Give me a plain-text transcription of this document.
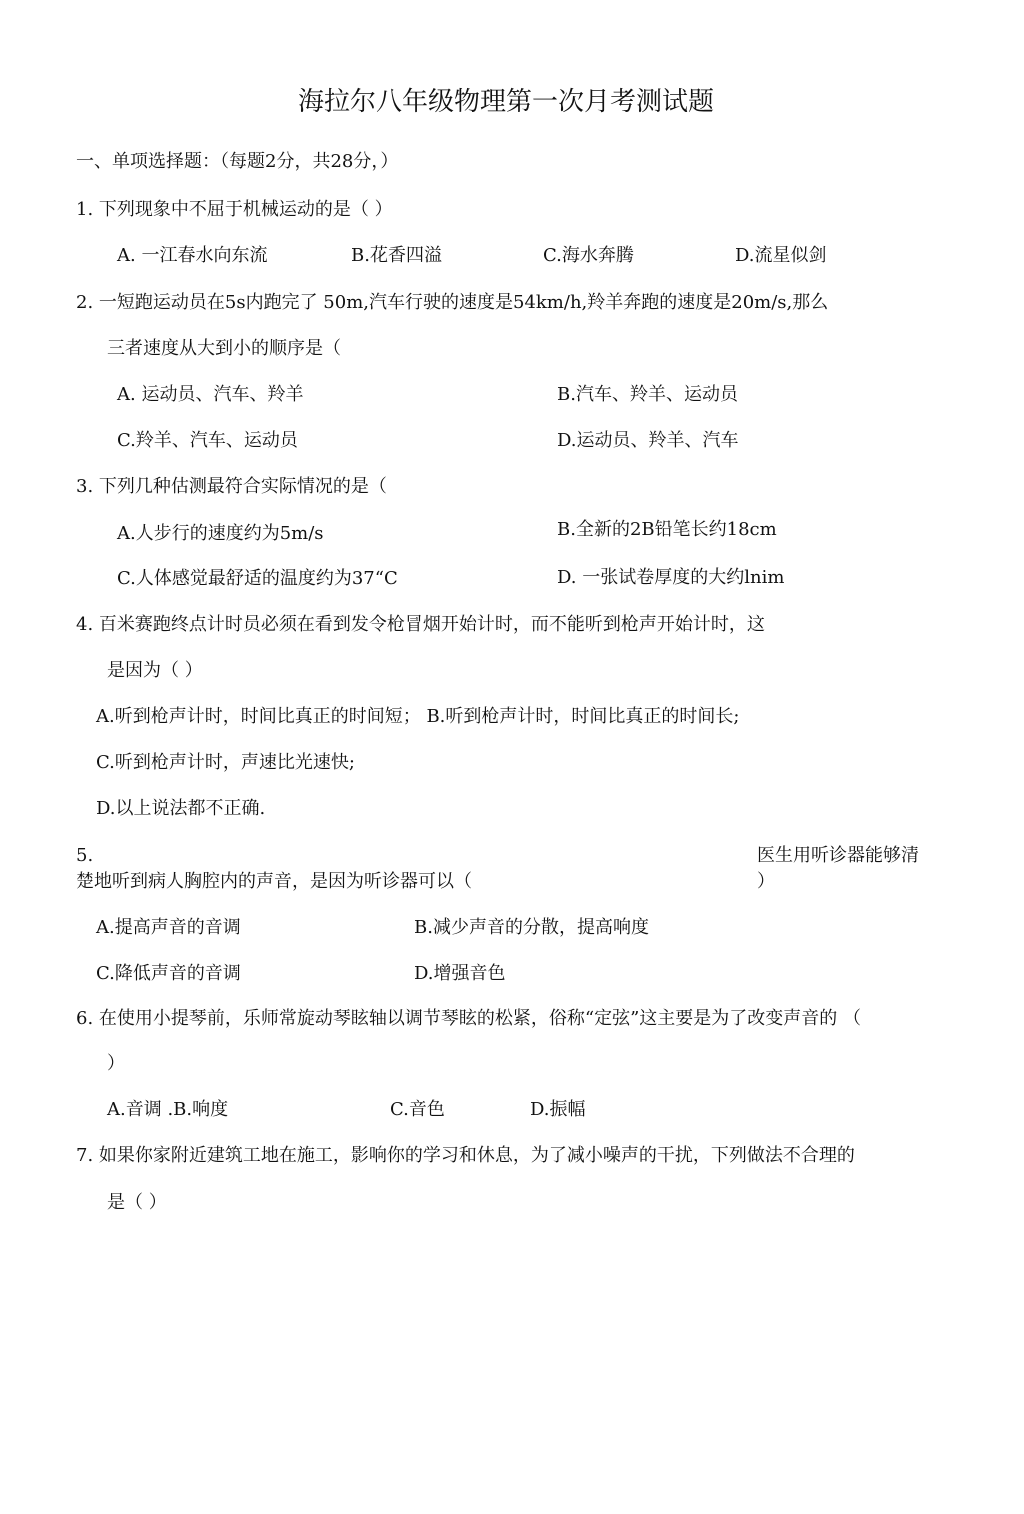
海拉尔八年级物理第一次月考测试题
一、单项选择题：（每题2分，共28分，）
1. 下列现象中不屈于机械运动的是（ ）
A. 一江春水向东流	B.花香四溢	C.海水奔腾	D.流星似剑
2. 一短跑运动员在5s内跑完了 50m,汽车行驶的速度是54km/h,羚羊奔跑的速度是20m/s,那么
三者速度从大到小的顺序是（
A. 运动员、汽车、羚羊	B.汽车、羚羊、运动员
C.羚羊、汽车、运动员	D.运动员、羚羊、汽车
3. 下列几种估测最符合实际情况的是（
A.人步行的速度约为5m/s	B.全新的2B铅笔长约18cm
C.人体感觉最舒适的温度约为37“C	D. 一张试卷厚度的大约lnim
4. 百米赛跑终点计时员必须在看到发令枪冒烟开始计时，而不能听到枪声开始计时，这
是因为（ ）
A.听到枪声计时，时间比真正的时间短； B.听到枪声计时，时间比真正的时间长;
C.听到枪声计时，声速比光速快;
D.以上说法都不正确.
5.	医生用听诊器能够清
楚地听到病人胸腔内的声音，是因为听诊器可以（	）
A.提高声音的音调	B.减少声音的分散，提高响度
C.降低声音的音调	D.增强音色
6. 在使用小提琴前，乐师常旋动琴眩轴以调节琴眩的松紧，俗称“定弦”这主要是为了改变声音的 （
）
A.音调 .B.响度	C.音色	D.振幅
7. 如果你家附近建筑工地在施工，影响你的学习和休息，为了减小噪声的干扰，下列做法不合理的
是（ ）
